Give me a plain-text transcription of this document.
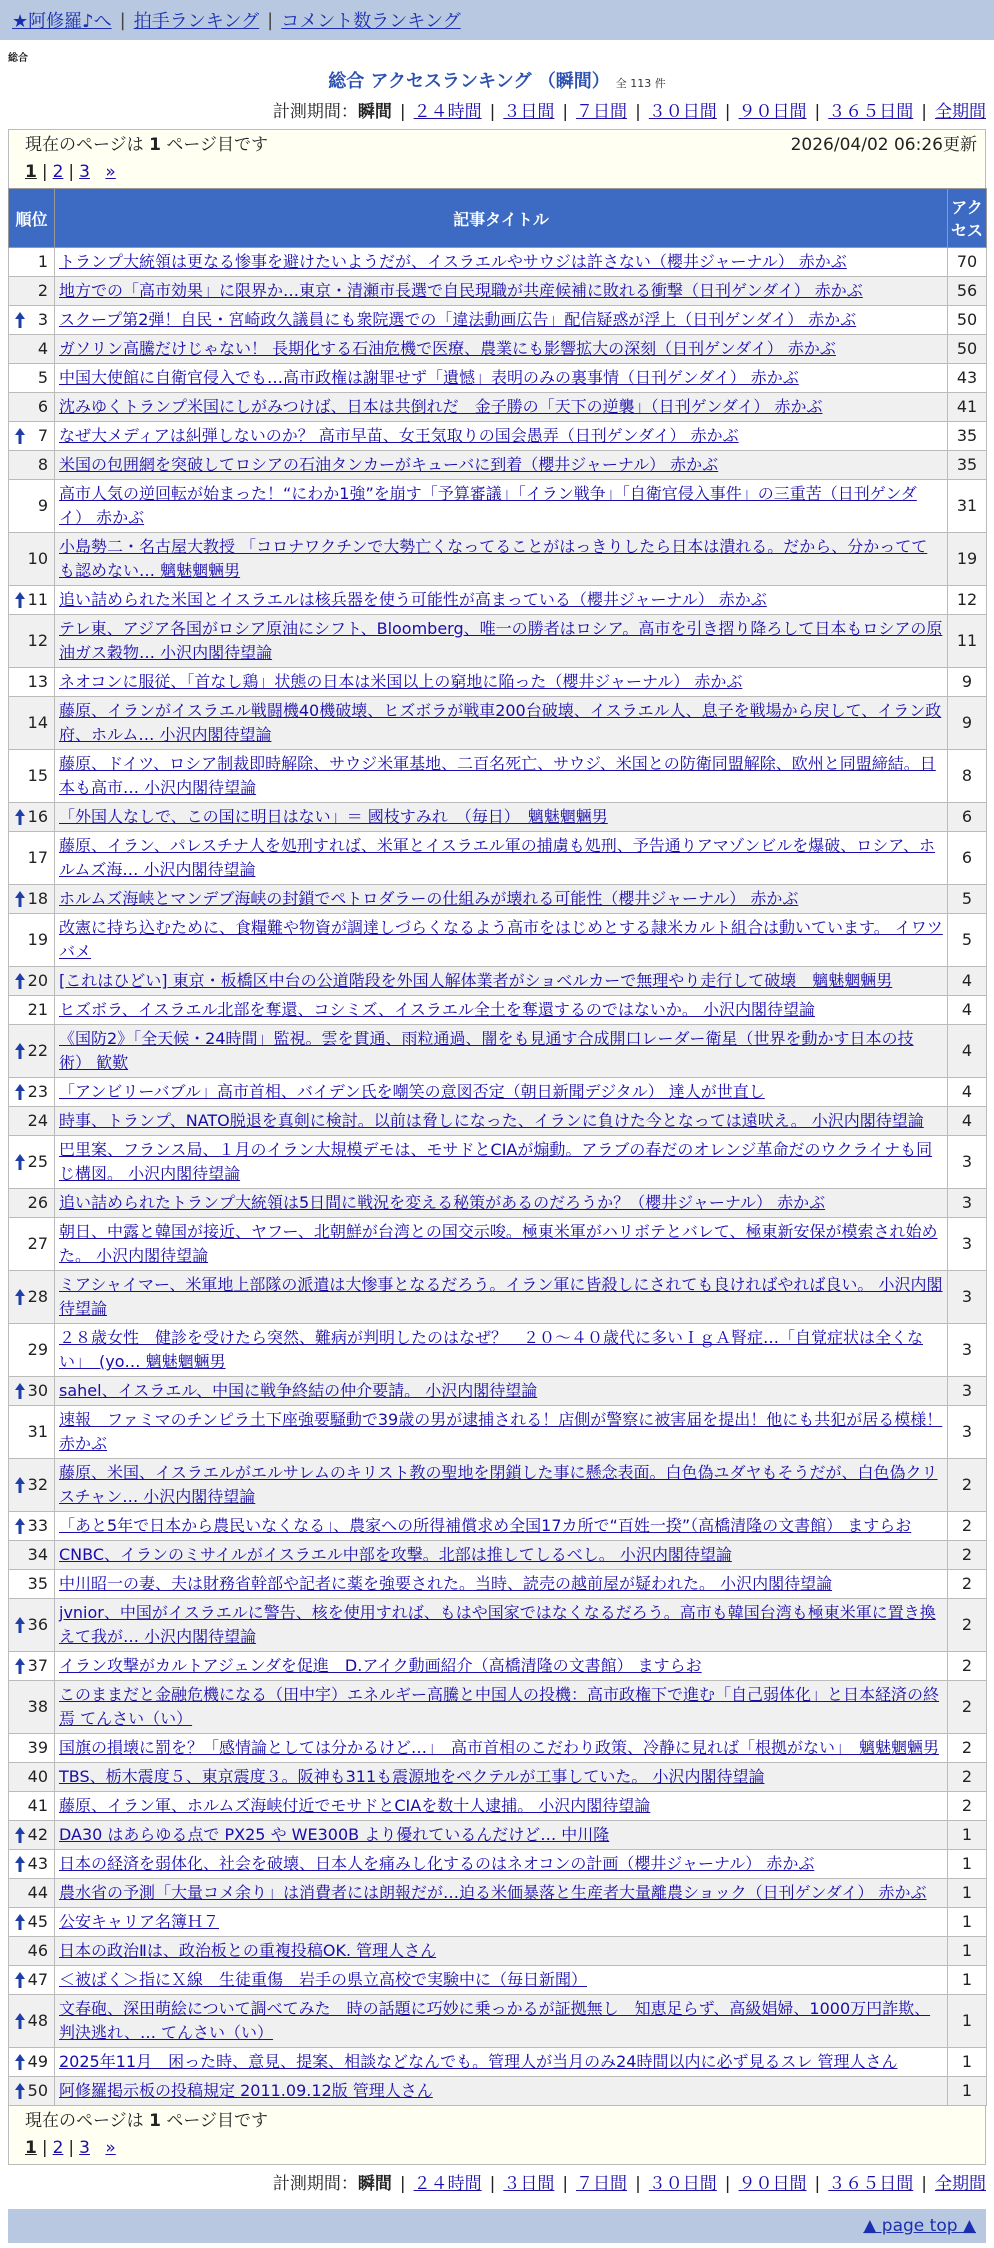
★阿修羅♪へ | 拍手ランキング | コメント数ランキング
総合
総合 アクセスランキング （瞬間） 全 113 件
計測期間：瞬間 | ２４時間 | ３日間 | ７日間 | ３０日間 | ９０日間 | ３６５日間 | 全期間
現在のページは 1 ページ目です	2026/04/02 06:26更新
1 | 2 | 3 »
順位	記事タイトル	アクセス
1	トランプ大統領は更なる惨事を避けたいようだが、イスラエルやサウジは許さない（櫻井ジャーナル） 赤かぶ	70
2	地方での「高市効果」に限界か…東京・清瀬市長選で自民現職が共産候補に敗れる衝撃（日刊ゲンダイ） 赤かぶ	56

3	スクープ第2弾！自民・宮崎政久議員にも衆院選での「違法動画広告」配信疑惑が浮上（日刊ゲンダイ） 赤かぶ	50
4	ガソリン高騰だけじゃない！ 長期化する石油危機で医療、農業にも影響拡大の深刻（日刊ゲンダイ） 赤かぶ	50
5	中国大使館に自衛官侵入でも…高市政権は謝罪せず「遺憾」表明のみの裏事情（日刊ゲンダイ） 赤かぶ	43
6	沈みゆくトランプ米国にしがみつけば、日本は共倒れだ　金子勝の「天下の逆襲」（日刊ゲンダイ） 赤かぶ	41

7	なぜ大メディアは糾弾しないのか？ 高市早苗、女王気取りの国会愚弄（日刊ゲンダイ） 赤かぶ	35
8	米国の包囲網を突破してロシアの石油タンカーがキューバに到着（櫻井ジャーナル） 赤かぶ	35
9	高市人気の逆回転が始まった！“にわか1強”を崩す「予算審議」「イラン戦争」「自衛官侵入事件」の三重苦（日刊ゲンダイ） 赤かぶ	31
10	小島勢二・名古屋大教授 「コロナワクチンで大勢亡くなってることがはっきりしたら日本は潰れる。だから、分かってても認めない… 魑魅魍魎男	19

11	追い詰められた米国とイスラエルは核兵器を使う可能性が高まっている（櫻井ジャーナル） 赤かぶ	12
12	テレ東、アジア各国がロシア原油にシフト、Bloomberg、唯一の勝者はロシア。高市を引き摺り降ろして日本もロシアの原油ガス穀物… 小沢内閣待望論	11
13	ネオコンに服従、「首なし鶏」状態の日本は米国以上の窮地に陥った（櫻井ジャーナル） 赤かぶ	9
14	藤原、イランがイスラエル戦闘機40機破壊、ヒズボラが戦車200台破壊、イスラエル人、息子を戦場から戻して、イラン政府、ホルム… 小沢内閣待望論	9
15	藤原、ドイツ、ロシア制裁即時解除、サウジ米軍基地、二百名死亡、サウジ、米国との防衛同盟解除、欧州と同盟締結。日本も高市… 小沢内閣待望論	8

16	「外国人なしで、この国に明日はない」＝ 國枝すみれ　（毎日）　魑魅魍魎男	6
17	藤原、イラン、パレスチナ人を処刑すれば、米軍とイスラエル軍の捕虜も処刑、予告通りアマゾンビルを爆破、ロシア、ホルムズ海… 小沢内閣待望論	6

18	ホルムズ海峡とマンデブ海峡の封鎖でペトロダラーの仕組みが壊れる可能性（櫻井ジャーナル） 赤かぶ	5
19	改憲に持ち込むために、食糧難や物資が調達しづらくなるよう高市をはじめとする隷米カルト組合は動いています。 イワツバメ	5

20	[これはひどい] 東京・板橋区中台の公道階段を外国人解体業者がショベルカーで無理やり走行して破壊　魑魅魍魎男	4
21	ヒズボラ、イスラエル北部を奪還、コシミズ、イスラエル全土を奪還するのではないか。 小沢内閣待望論	4

22	《国防2》「全天候・24時間」監視。雲を貫通、雨粒通過、闇をも見通す合成開口レーダー衛星（世界を動かす日本の技術） 歓歎	4

23	「アンビリーバブル」高市首相、バイデン氏を嘲笑の意図否定（朝日新聞デジタル） 達人が世直し	4
24	時事、トランプ、NATO脱退を真剣に検討。以前は脅しになった、イランに負けた今となっては遠吠え。 小沢内閣待望論	4

25	巴里案、フランス局、１月のイラン大規模デモは、モサドとCIAが煽動。アラブの春だのオレンジ革命だのウクライナも同じ構図。 小沢内閣待望論	3
26	追い詰められたトランプ大統領は5日間に戦況を変える秘策があるのだろうか？（櫻井ジャーナル） 赤かぶ	3
27	朝日、中露と韓国が接近、ヤフー、北朝鮮が台湾との国交示唆。極東米軍がハリボテとバレて、極東新安保が模索され始めた。 小沢内閣待望論	3

28	ミアシャイマー、米軍地上部隊の派遣は大惨事となるだろう。イラン軍に皆殺しにされても良ければやれば良い。 小沢内閣待望論	3
29	２８歳女性　健診を受けたら突然、難病が判明したのはなぜ？　２０～４０歳代に多いＩｇＡ腎症…「自覚症状は全くない」　(yo… 魑魅魍魎男	3

30	sahel、イスラエル、中国に戦争終結の仲介要請。 小沢内閣待望論	3
31	速報　ファミマのチンピラ土下座強要騒動で39歳の男が逮捕される！店側が警察に被害届を提出！他にも共犯が居る模様！ 赤かぶ	3

32	藤原、米国、イスラエルがエルサレムのキリスト教の聖地を閉鎖した事に懸念表面。白色偽ユダヤもそうだが、白色偽クリスチャン… 小沢内閣待望論	2

33	「あと5年で日本から農民いなくなる」、農家への所得補償求め全国17カ所で“百姓一揆”（高橋清隆の文書館） ますらお	2
34	CNBC、イランのミサイルがイスラエル中部を攻撃。北部は推してしるべし。 小沢内閣待望論	2
35	中川昭一の妻、夫は財務省幹部や記者に薬を強要された。当時、読売の越前屋が疑われた。 小沢内閣待望論	2

36	jvnior、中国がイスラエルに警告、核を使用すれば、もはや国家ではなくなるだろう。高市も韓国台湾も極東米軍に置き換えて我が… 小沢内閣待望論	2

37	イラン攻撃がカルトアジェンダを促進　D.アイク動画紹介（高橋清隆の文書館） ますらお	2
38	このままだと金融危機になる（田中宇）エネルギー高騰と中国人の投機：高市政権下で進む「自己弱体化」と日本経済の終焉 てんさい（い）	2
39	国旗の損壊に罰を？「感情論としては分かるけど…」　高市首相のこだわり政策、冷静に見れば「根拠がない」　魑魅魍魎男	2
40	TBS、栃木震度５、東京震度３。阪神も311も震源地をペクテルが工事していた。 小沢内閣待望論	2
41	藤原、イラン軍、ホルムズ海峡付近でモサドとCIAを数十人逮捕。 小沢内閣待望論	2

42	DA30 はあらゆる点で PX25 や WE300B より優れているんだけど… 中川隆	1

43	日本の経済を弱体化、社会を破壊、日本人を痛みし化するのはネオコンの計画（櫻井ジャーナル） 赤かぶ	1
44	農水省の予測「大量コメ余り」は消費者には朗報だが…迫る米価暴落と生産者大量離農ショック（日刊ゲンダイ） 赤かぶ	1

45	公安キャリア名簿Ｈ７	1
46	日本の政治Ⅱは、政治板との重複投稿OK. 管理人さん	1

47	＜被ばく＞指にＸ線　生徒重傷　岩手の県立高校で実験中に（毎日新聞）	1

48	文春砲、深田萌絵について調べてみた　時の話題に巧妙に乗っかるが証拠無し　知恵足らず、高級娼婦、1000万円詐欺、判決逃れ、… てんさい（い）	1

49	2025年11月　困った時、意見、提案、相談などなんでも。管理人が当月のみ24時間以内に必ず見るスレ 管理人さん	1

50	阿修羅掲示板の投稿規定 2011.09.12版 管理人さん	1
現在のページは 1 ページ目です
1 | 2 | 3 »
計測期間：瞬間 | ２４時間 | ３日間 | ７日間 | ３０日間 | ９０日間 | ３６５日間 | 全期間
▲ page top ▲
